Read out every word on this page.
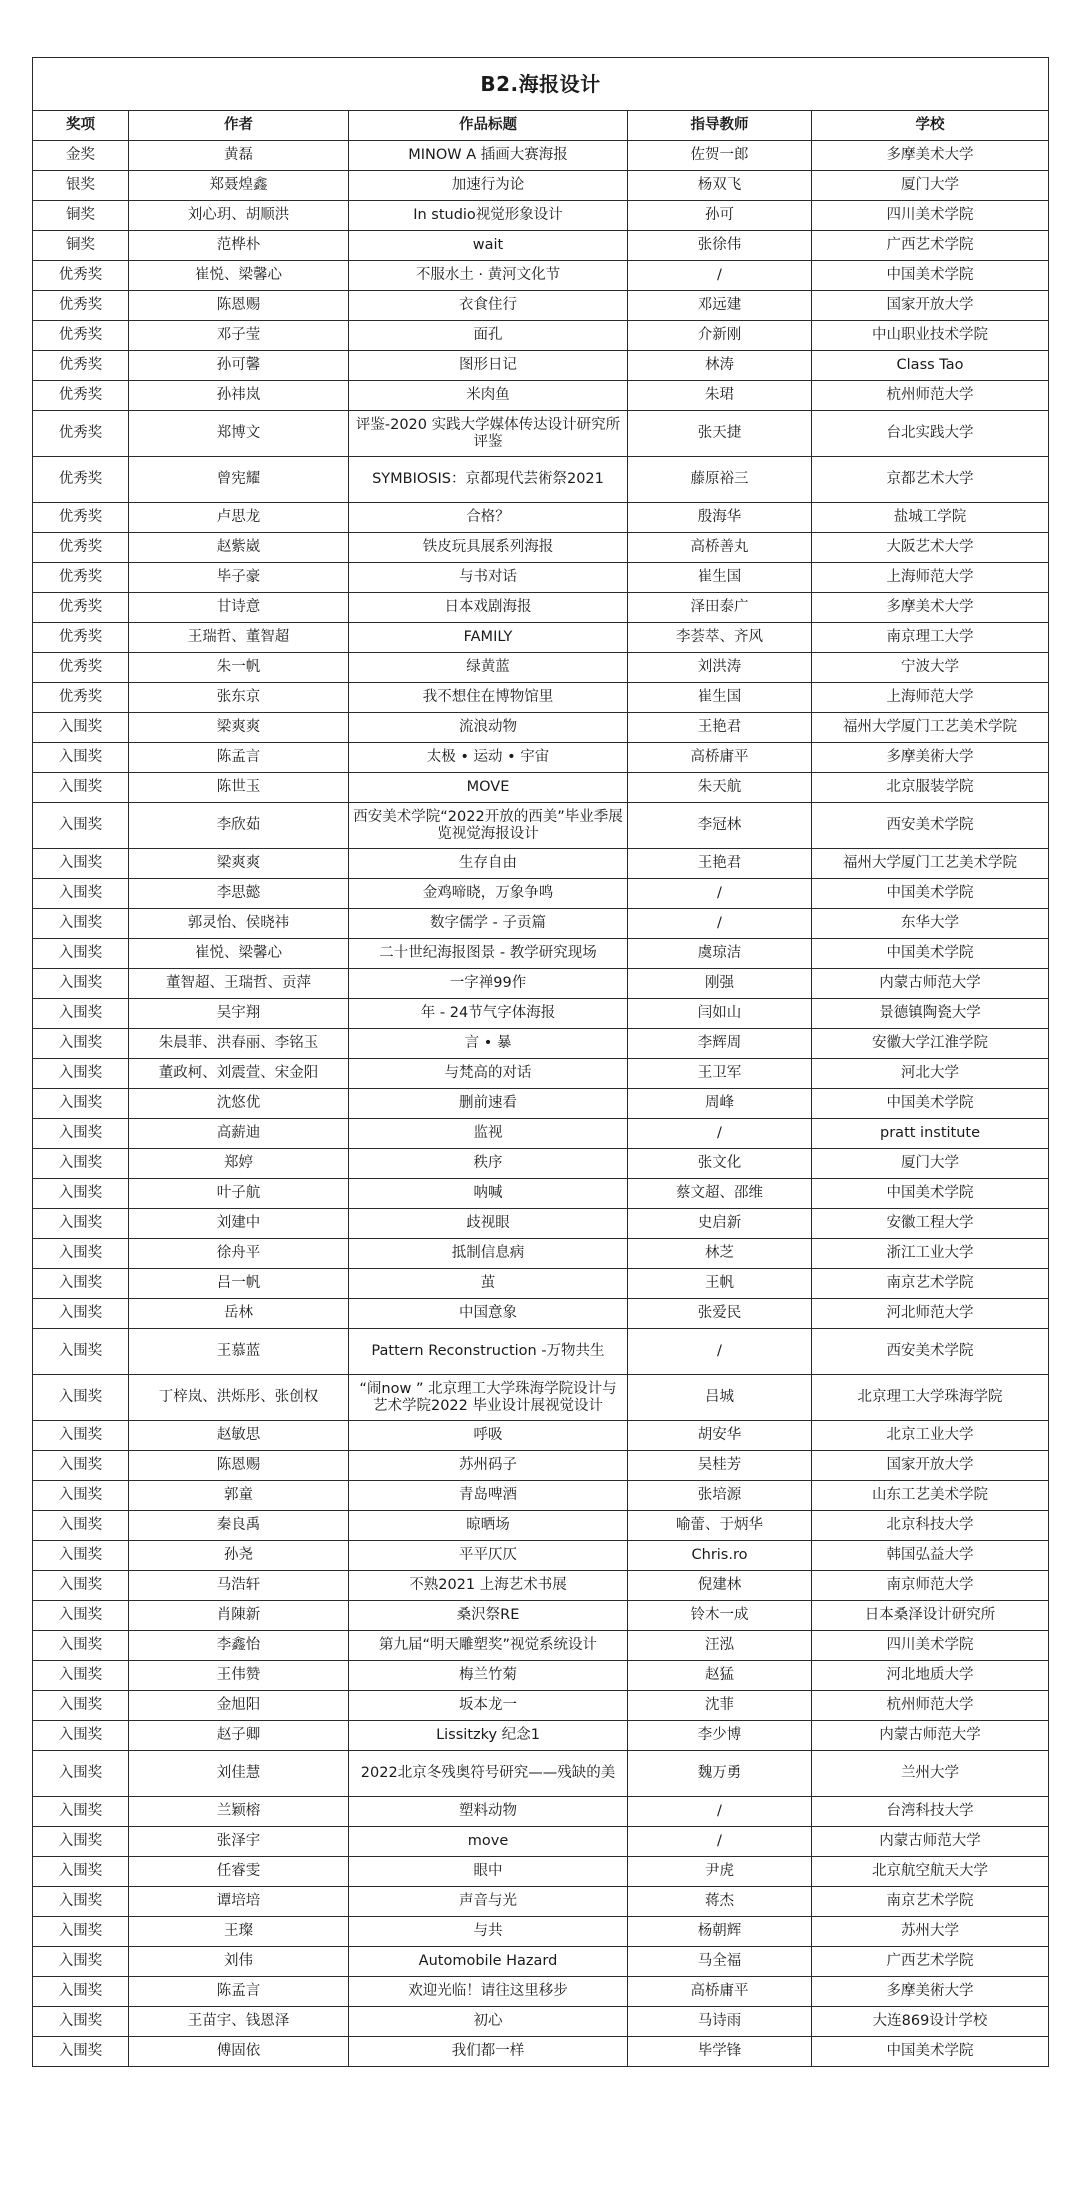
B2.海报设计				
奖项	作者	作品标题	指导教师	学校
金奖	黄磊	MINOW A 插画大赛海报	佐贺一郎	多摩美术大学
银奖	郑聂煌鑫	加速行为论	杨双飞	厦门大学
铜奖	刘心玥、胡顺洪	In studio视觉形象设计	孙可	四川美术学院
铜奖	范桦朴	wait	张徐伟	广西艺术学院
优秀奖	崔悦、梁馨心	不服水土 · 黄河文化节	/	中国美术学院
优秀奖	陈恩赐	衣食住行	邓远建	国家开放大学
优秀奖	邓子莹	面孔	介新刚	中山职业技术学院
优秀奖	孙可馨	图形日记	林涛	Class Tao
优秀奖	孙祎岚	米肉鱼	朱珺	杭州师范大学
优秀奖	郑博文	评鉴-2020 实践大学媒体传达设计研究所评鉴	张天捷	台北实践大学
优秀奖	曾宪耀	SYMBIOSIS：京都現代芸術祭2021	藤原裕三	京都艺术大学
优秀奖	卢思龙	合格？	殷海华	盐城工学院
优秀奖	赵紫崴	铁皮玩具展系列海报	高桥善丸	大阪艺术大学
优秀奖	毕子豪	与书对话	崔生国	上海师范大学
优秀奖	甘诗意	日本戏剧海报	泽田泰广	多摩美术大学
优秀奖	王瑞哲、董智超	FAMILY	李荟萃、齐风	南京理工大学
优秀奖	朱一帆	绿黄蓝	刘洪涛	宁波大学
优秀奖	张东京	我不想住在博物馆里	崔生国	上海师范大学
入围奖	梁爽爽	流浪动物	王艳君	福州大学厦门工艺美术学院
入围奖	陈孟言	太极 • 运动 • 宇宙	高桥庸平	多摩美術大学
入围奖	陈世玉	MOVE	朱天航	北京服装学院
入围奖	李欣茹	西安美术学院“2022开放的西美”毕业季展览视觉海报设计	李冠林	西安美术学院
入围奖	梁爽爽	生存自由	王艳君	福州大学厦门工艺美术学院
入围奖	李思懿	金鸡啼晓，万象争鸣	/	中国美术学院
入围奖	郭灵怡、侯晓祎	数字儒学 - 子贡篇	/	东华大学
入围奖	崔悦、梁馨心	二十世纪海报图景 - 教学研究现场	虞琼洁	中国美术学院
入围奖	董智超、王瑞哲、贡萍	一字禅99作	刚强	内蒙古师范大学
入围奖	吴宇翔	年 - 24节气字体海报	闫如山	景德镇陶瓷大学
入围奖	朱晨菲、洪春丽、李铭玉	言 • 暴	李辉周	安徽大学江淮学院
入围奖	董政柯、刘震萱、宋金阳	与梵高的对话	王卫军	河北大学
入围奖	沈悠优	删前速看	周峰	中国美术学院
入围奖	高薪迪	监视	/	pratt institute
入围奖	郑婷	秩序	张文化	厦门大学
入围奖	叶子航	呐喊	蔡文超、邵维	中国美术学院
入围奖	刘建中	歧视眼	史启新	安徽工程大学
入围奖	徐舟平	抵制信息病	林芝	浙江工业大学
入围奖	吕一帆	茧	王帆	南京艺术学院
入围奖	岳林	中国意象	张爱民	河北师范大学
入围奖	王慕蓝	Pattern Reconstruction -万物共生	/	西安美术学院
入围奖	丁梓岚、洪烁彤、张创权	“闹now ” 北京理工大学珠海学院设计与艺术学院2022 毕业设计展视觉设计	吕城	北京理工大学珠海学院
入围奖	赵敏思	呼吸	胡安华	北京工业大学
入围奖	陈恩赐	苏州码子	吴桂芳	国家开放大学
入围奖	郭童	青岛啤酒	张培源	山东工艺美术学院
入围奖	秦良禹	晾晒场	喻蕾、于炳华	北京科技大学
入围奖	孙尧	平平仄仄	Chris.ro	韩国弘益大学
入围奖	马浩轩	不熟2021 上海艺术书展	倪建林	南京师范大学
入围奖	肖陳新	桑沢祭RE	铃木一成	日本桑泽设计研究所
入围奖	李鑫怡	第九届“明天雕塑奖”视觉系统设计	汪泓	四川美术学院
入围奖	王伟赞	梅兰竹菊	赵猛	河北地质大学
入围奖	金旭阳	坂本龙一	沈菲	杭州师范大学
入围奖	赵子卿	Lissitzky 纪念1	李少博	内蒙古师范大学
入围奖	刘佳慧	2022北京冬残奥符号研究——残缺的美	魏万勇	兰州大学
入围奖	兰颖榕	塑料动物	/	台湾科技大学
入围奖	张泽宇	move	/	内蒙古师范大学
入围奖	任睿雯	眼中	尹虎	北京航空航天大学
入围奖	谭培培	声音与光	蒋杰	南京艺术学院
入围奖	王璨	与共	杨朝辉	苏州大学
入围奖	刘伟	Automobile Hazard	马全福	广西艺术学院
入围奖	陈孟言	欢迎光临！请往这里移步	高桥庸平	多摩美術大学
入围奖	王苗宇、钱恩泽	初心	马诗雨	大连869设计学校
入围奖	傅固依	我们都一样	毕学锋	中国美术学院
